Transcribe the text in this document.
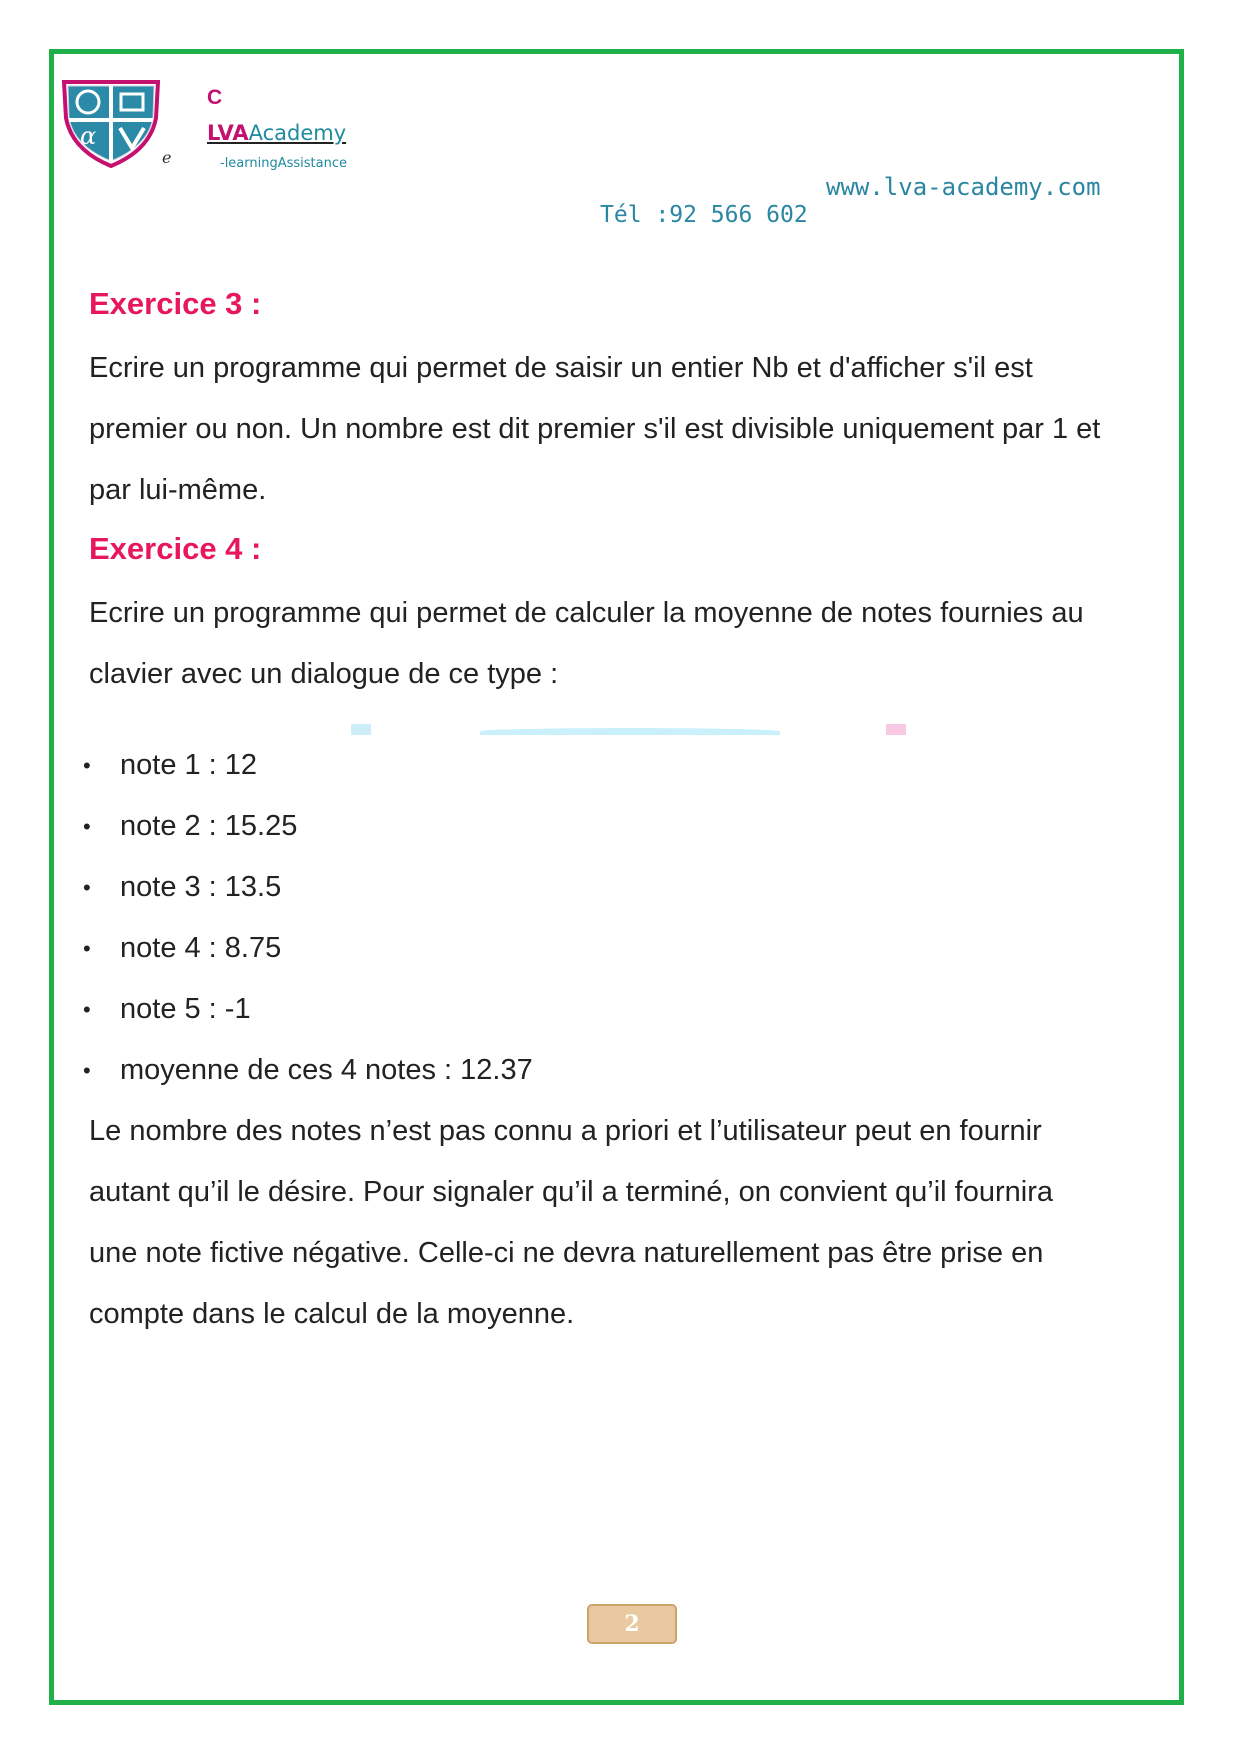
α
e
C
LVAAcademy
-learningAssistance
www.lva-academy.com
Tél :92 566 602
Exercice 3 :

Ecrire un programme qui permet de saisir un entier Nb et d'afficher s'il est

premier ou non. Un nombre est dit premier s'il est divisible uniquement par 1 et

par lui-même.

Exercice 4 :

Ecrire un programme qui permet de calculer la moyenne de notes fournies au

clavier avec un dialogue de ce type :

• note 1 : 12
• note 2 : 15.25
• note 3 : 13.5
• note 4 : 8.75
• note 5 : -1
• moyenne de ces 4 notes : 12.37

Le nombre des notes n’est pas connu a priori et l’utilisateur peut en fournir

autant qu’il le désire. Pour signaler qu’il a terminé, on convient qu’il fournira

une note fictive négative. Celle-ci ne devra naturellement pas être prise en

compte dans le calcul de la moyenne.

2
